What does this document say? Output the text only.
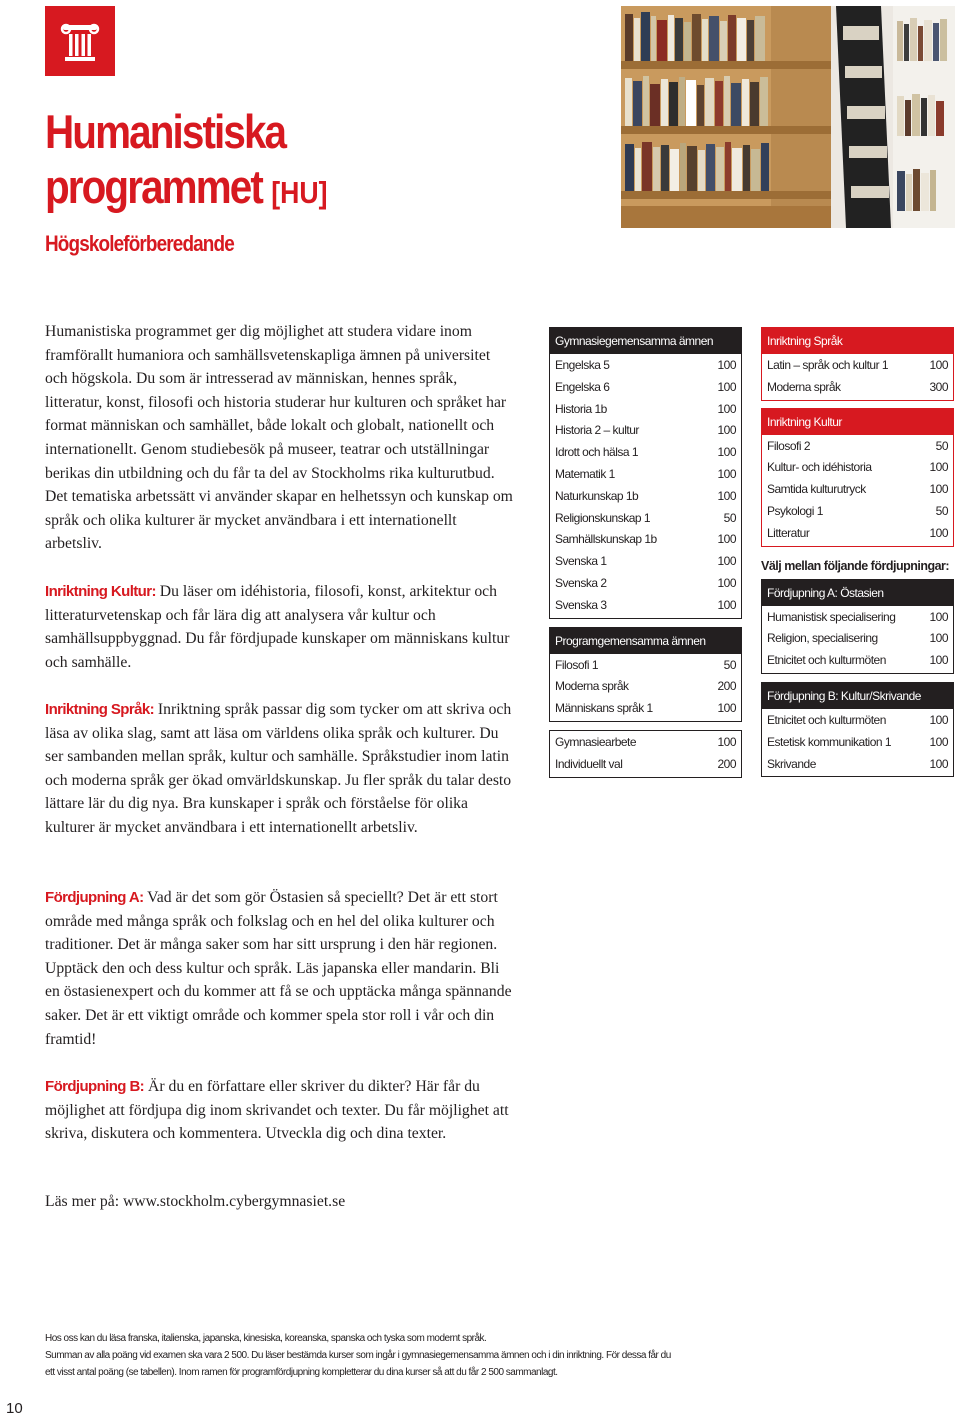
Humanistiska
programmet [HU]
Högskoleförberedande

Humanistiska programmet ger dig möjlighet att studera vidare inom framförallt humaniora och samhällsvetenskapliga ämnen på universitet och högskola. Du som är intresserad av människan, hennes språk, litteratur, konst, filosofi och historia studerar hur kulturen och språket har format människan och samhället, både lokalt och globalt, nationellt och internationellt. Genom studiebesök på museer, teatrar och utställningar berikas din utbildning och du får ta del av Stockholms rika kulturutbud. Det tematiska arbetssätt vi använder skapar en helhetssyn och kunskap om språk och olika kulturer är mycket användbara i ett internationellt arbetsliv.

Inriktning Kultur: Du läser om idéhistoria, filosofi, konst, arkitektur och litteraturvetenskap och får lära dig att analysera vår kultur och samhällsuppbyggnad. Du får fördjupade kunskaper om människans kultur och samhälle.

Inriktning Språk: Inriktning språk passar dig som tycker om att skriva och läsa av olika slag, samt att läsa om världens olika språk och kulturer. Du ser sambanden mellan språk, kultur och samhälle. Språkstudier inom latin och moderna språk ger ökad omvärldskunskap. Ju fler språk du talar desto lättare lär du dig nya. Bra kunskaper i språk och förståelse för olika kulturer är mycket användbara i ett internationellt arbetsliv.

Fördjupning A: Vad är det som gör Östasien så speciellt? Det är ett stort område med många språk och folkslag och en hel del olika kulturer och traditioner. Det är många saker som har sitt ursprung i den här regionen. Upptäck den och dess kultur och språk. Läs japanska eller mandarin. Bli en östasienexpert och du kommer att få se och upptäcka många spännande saker. Det är ett viktigt område och kommer spela stor roll i vår och din framtid!

Fördjupning B: Är du en författare eller skriver du dikter? Här får du möjlighet att fördjupa dig inom skrivandet och texter. Du får möjlighet att skriva, diskutera och kommentera. Utveckla dig och dina texter.

Läs mer på: www.stockholm.cybergymnasiet.se
Gymnasiegemensamma ämnen
Engelska 5	100
Engelska 6	100
Historia 1b	100
Historia 2 – kultur	100
Idrott och hälsa 1	100
Matematik 1	100
Naturkunskap 1b	100
Religionskunskap 1	50
Samhällskunskap 1b	100
Svenska 1	100
Svenska 2	100
Svenska 3	100
Programgemensamma ämnen
Filosofi 1	50
Moderna språk	200
Människans språk 1	100
Gymnasiearbete	100
Individuellt val	200
Inriktning Språk
Latin – språk och kultur 1	100
Moderna språk	300
Inriktning Kultur
Filosofi 2	50
Kultur- och idéhistoria	100
Samtida kulturutryck	100
Psykologi 1	50
Litteratur	100
Välj mellan följande fördjupningar:
Fördjupning A: Östasien
Humanistisk specialisering	100
Religion, specialisering	100
Etnicitet och kulturmöten	100
Fördjupning B: Kultur/Skrivande
Etnicitet och kulturmöten	100
Estetisk kommunikation 1	100
Skrivande	100
Hos oss kan du läsa franska, italienska, japanska, kinesiska, koreanska, spanska och tyska som modernt språk.
Summan av alla poäng vid examen ska vara 2 500. Du läser bestämda kurser som ingår i gymnasiegemensamma ämnen och i din inriktning. För dessa får du
ett visst antal poäng (se tabellen). Inom ramen för programfördjupning kompletterar du dina kurser så att du får 2 500 sammanlagt.
10
